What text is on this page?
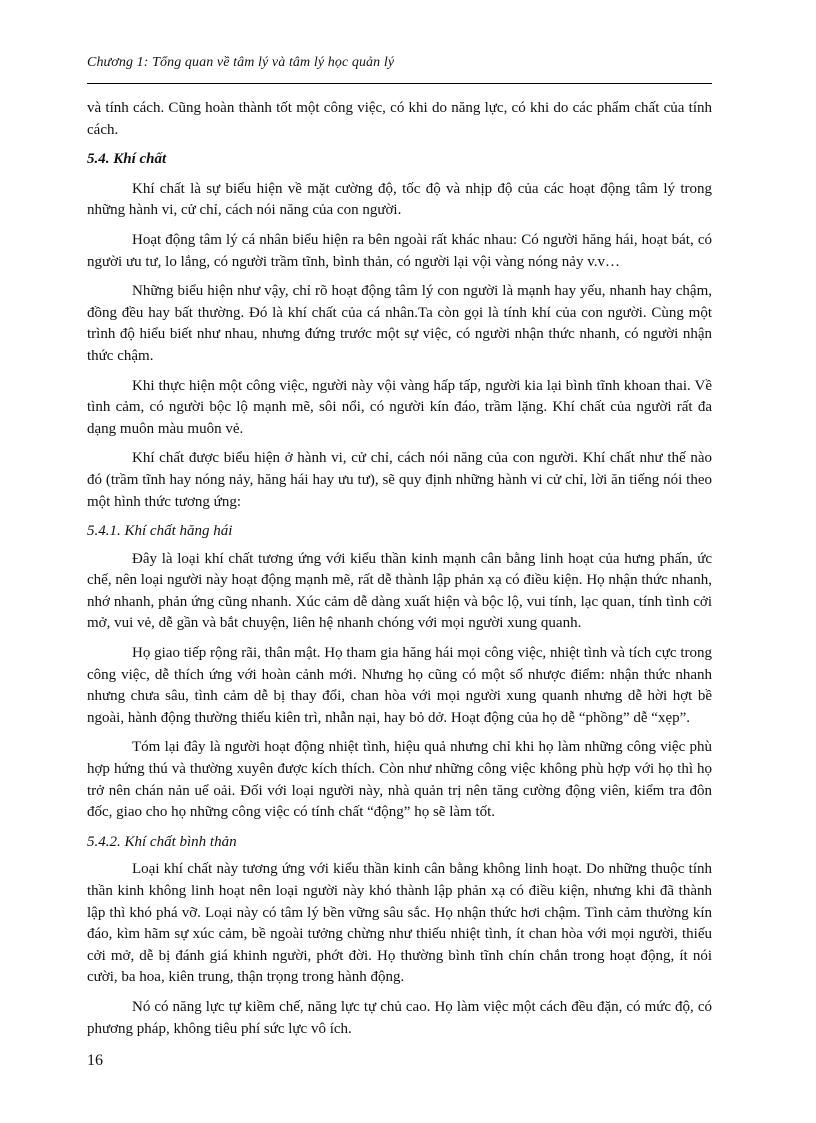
Chương 1: Tổng quan về tâm lý và tâm lý học quản lý

và tính cách. Cũng hoàn thành tốt một công việc, có khi do năng lực, có khi do các phẩm chất của tính cách.

5.4. Khí chất

Khí chất là sự biểu hiện về mặt cường độ, tốc độ và nhịp độ của các hoạt động tâm lý trong những hành vi, cử chỉ, cách nói năng của con người.

Hoạt động tâm lý cá nhân biểu hiện ra bên ngoài rất khác nhau: Có người hăng hái, hoạt bát, có người ưu tư, lo lắng, có người trầm tĩnh, bình thản, có người lại vội vàng nóng nảy v.v…

Những biểu hiện như vậy, chỉ rõ hoạt động tâm lý con người là mạnh hay yếu, nhanh hay chậm, đồng đều hay bất thường. Đó là khí chất của cá nhân.Ta còn gọi là tính khí của con người. Cùng một trình độ hiểu biết như nhau, nhưng đứng trước một sự việc, có người nhận thức nhanh, có người nhận thức chậm.

Khi thực hiện một công việc, người này vội vàng hấp tấp, người kia lại bình tĩnh khoan thai. Về tình cảm, có người bộc lộ mạnh mẽ, sôi nổi, có người kín đáo, trầm lặng. Khí chất của người rất đa dạng muôn màu muôn vẻ.

Khí chất được biểu hiện ở hành vi, cử chỉ, cách nói năng của con người. Khí chất như thế nào đó (trầm tĩnh hay nóng nảy, hăng hái hay ưu tư), sẽ quy định những hành vi cử chỉ, lời ăn tiếng nói theo một hình thức tương ứng:

5.4.1. Khí chất hăng hái

Đây là loại khí chất tương ứng với kiểu thần kinh mạnh cân bằng linh hoạt của hưng phấn, ức chế, nên loại người này hoạt động mạnh mẽ, rất dễ thành lập phản xạ có điều kiện. Họ nhận thức nhanh, nhớ nhanh, phản ứng cũng nhanh. Xúc cảm dễ dàng xuất hiện và bộc lộ, vui tính, lạc quan, tính tình cởi mở, vui vẻ, dễ gần và bắt chuyện, liên hệ nhanh chóng với mọi người xung quanh.

Họ giao tiếp rộng rãi, thân mật. Họ tham gia hăng hái mọi công việc, nhiệt tình và tích cực trong công việc, dễ thích ứng với hoàn cảnh mới. Nhưng họ cũng có một số nhược điểm: nhận thức nhanh nhưng chưa sâu, tình cảm dễ bị thay đổi, chan hòa với mọi người xung quanh nhưng dễ hời hợt bề ngoài, hành động thường thiếu kiên trì, nhẫn nại, hay bỏ dở. Hoạt động của họ dễ “phồng” dễ “xẹp”.

Tóm lại đây là người hoạt động nhiệt tình, hiệu quả nhưng chỉ khi họ làm những công việc phù hợp hứng thú và thường xuyên được kích thích. Còn như những công việc không phù hợp với họ thì họ trở nên chán nản uể oải. Đối với loại người này, nhà quản trị nên tăng cường động viên, kiểm tra đôn đốc, giao cho họ những công việc có tính chất “động” họ sẽ làm tốt.

5.4.2. Khí chất bình thản

Loại khí chất này tương ứng với kiểu thần kinh cân bằng không linh hoạt. Do những thuộc tính thần kinh không linh hoạt nên loại người này khó thành lập phản xạ có điều kiện, nhưng khi đã thành lập thì khó phá vỡ. Loại này có tâm lý bền vững sâu sắc. Họ nhận thức hơi chậm. Tình cảm thường kín đáo, kìm hãm sự xúc cảm, bề ngoài tưởng chừng như thiếu nhiệt tình, ít chan hòa với mọi người, thiếu cởi mở, dễ bị đánh giá khinh người, phớt đời. Họ thường bình tĩnh chín chắn trong hoạt động, ít nói cười, ba hoa, kiên trung, thận trọng trong hành động.

Nó có năng lực tự kiềm chế, năng lực tự chủ cao. Họ làm việc một cách đều đặn, có mức độ, có phương pháp, không tiêu phí sức lực vô ích.

16
